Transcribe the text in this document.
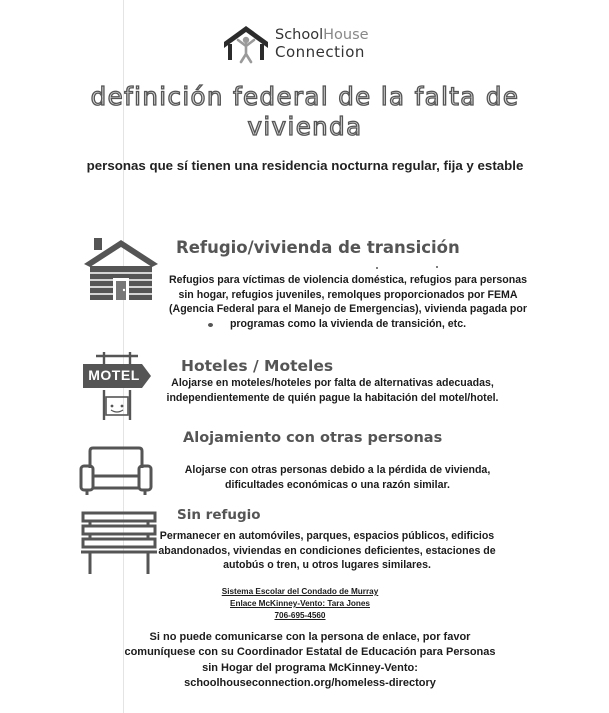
SchoolHouse
Connection
definición federal de la falta de vivienda
personas que sí tienen una residencia nocturna regular, fija y estable
Refugio/vivienda de transición
Refugios para víctimas de violencia doméstica, refugios para personas sin hogar, refugios juveniles, remolques proporcionados por FEMA (Agencia Federal para el Manejo de Emergencias), vivienda pagada por programas como la vivienda de transición, etc.
MOTEL	Hoteles / Moteles
Alojarse en moteles/hoteles por falta de alternativas adecuadas, independientemente de quién pague la habitación del motel/hotel.
Alojamiento con otras personas
Alojarse con otras personas debido a la pérdida de vivienda, dificultades económicas o una razón similar.
Sin refugio
Permanecer en automóviles, parques, espacios públicos, edificios abandonados, viviendas en condiciones deficientes, estaciones de autobús o tren, u otros lugares similares.
Sistema Escolar del Condado de Murray
Enlace McKinney-Vento: Tara Jones
706-695-4560
Si no puede comunicarse con la persona de enlace, por favor
comuníquese con su Coordinador Estatal de Educación para Personas
sin Hogar del programa McKinney-Vento:
schoolhouseconnection.org/homeless-directory
